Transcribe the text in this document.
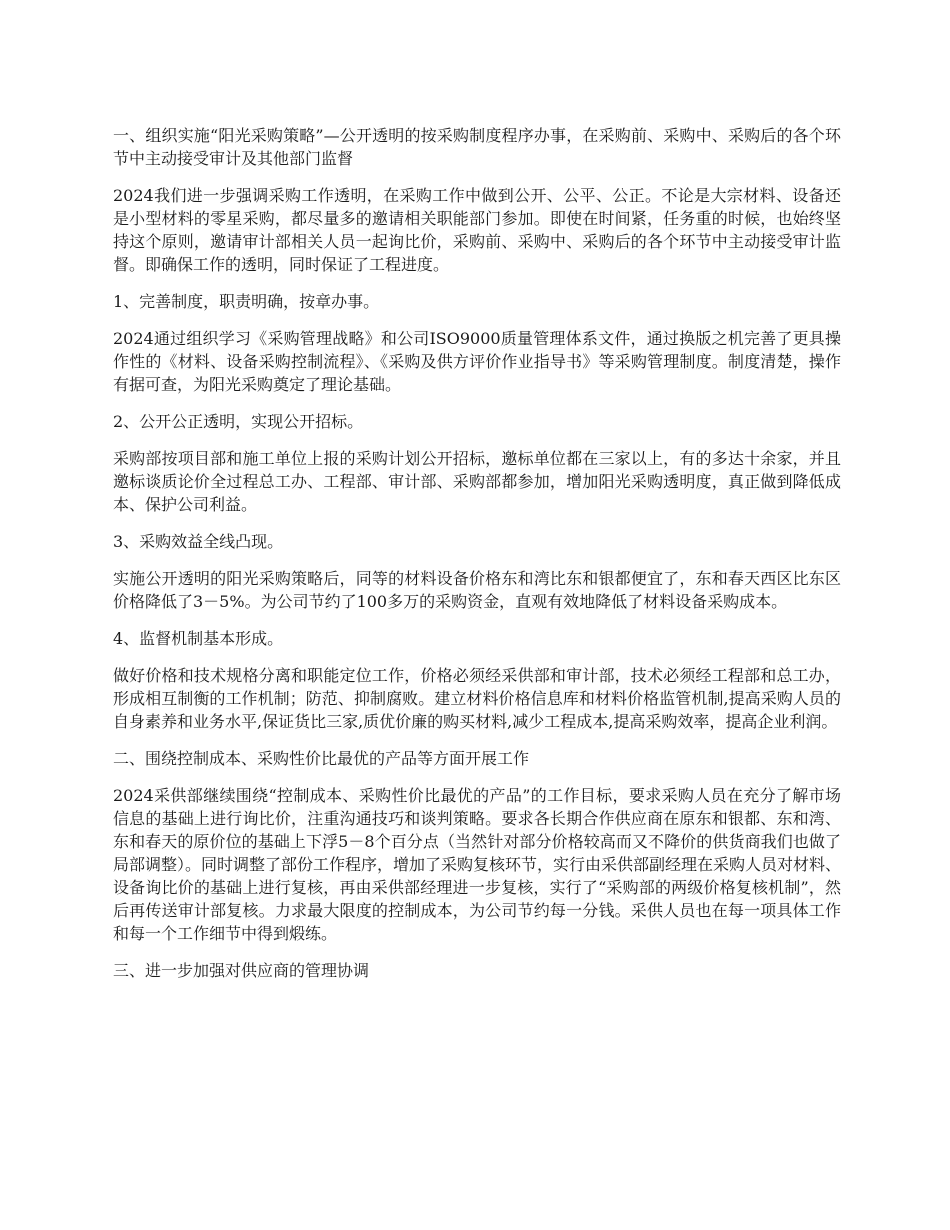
一、组织实施“阳光采购策略”—公开透明的按采购制度程序办事，在采购前、采购中、采购后的各个环节中主动接受审计及其他部门监督

2024我们进一步强调采购工作透明，在采购工作中做到公开、公平、公正。不论是大宗材料、设备还是小型材料的零星采购，都尽量多的邀请相关职能部门参加。即使在时间紧，任务重的时候，也始终坚持这个原则，邀请审计部相关人员一起询比价，采购前、采购中、采购后的各个环节中主动接受审计监督。即确保工作的透明，同时保证了工程进度。

1、完善制度，职责明确，按章办事。

2024通过组织学习《采购管理战略》和公司ISO9000质量管理体系文件，通过换版之机完善了更具操作性的《材料、设备采购控制流程》、《采购及供方评价作业指导书》等采购管理制度。制度清楚，操作有据可查，为阳光采购奠定了理论基础。

2、公开公正透明，实现公开招标。

采购部按项目部和施工单位上报的采购计划公开招标，邀标单位都在三家以上，有的多达十余家，并且邀标谈质论价全过程总工办、工程部、审计部、采购部都参加，增加阳光采购透明度，真正做到降低成本、保护公司利益。

3、采购效益全线凸现。

实施公开透明的阳光采购策略后，同等的材料设备价格东和湾比东和银都便宜了，东和春天西区比东区价格降低了3－5%。为公司节约了100多万的采购资金，直观有效地降低了材料设备采购成本。

4、监督机制基本形成。

做好价格和技术规格分离和职能定位工作，价格必须经采供部和审计部，技术必须经工程部和总工办，形成相互制衡的工作机制；防范、抑制腐败。建立材料价格信息库和材料价格监管机制,提高采购人员的自身素养和业务水平,保证货比三家,质优价廉的购买材料,减少工程成本,提高采购效率，提高企业利润。

二、围绕控制成本、采购性价比最优的产品等方面开展工作

2024采供部继续围绕“控制成本、采购性价比最优的产品”的工作目标，要求采购人员在充分了解市场信息的基础上进行询比价，注重沟通技巧和谈判策略。要求各长期合作供应商在原东和银都、东和湾、东和春天的原价位的基础上下浮5－8个百分点（当然针对部分价格较高而又不降价的供货商我们也做了局部调整）。同时调整了部份工作程序，增加了采购复核环节，实行由采供部副经理在采购人员对材料、设备询比价的基础上进行复核，再由采供部经理进一步复核，实行了“采购部的两级价格复核机制”，然后再传送审计部复核。力求最大限度的控制成本，为公司节约每一分钱。采供人员也在每一项具体工作和每一个工作细节中得到煅练。

三、进一步加强对供应商的管理协调
